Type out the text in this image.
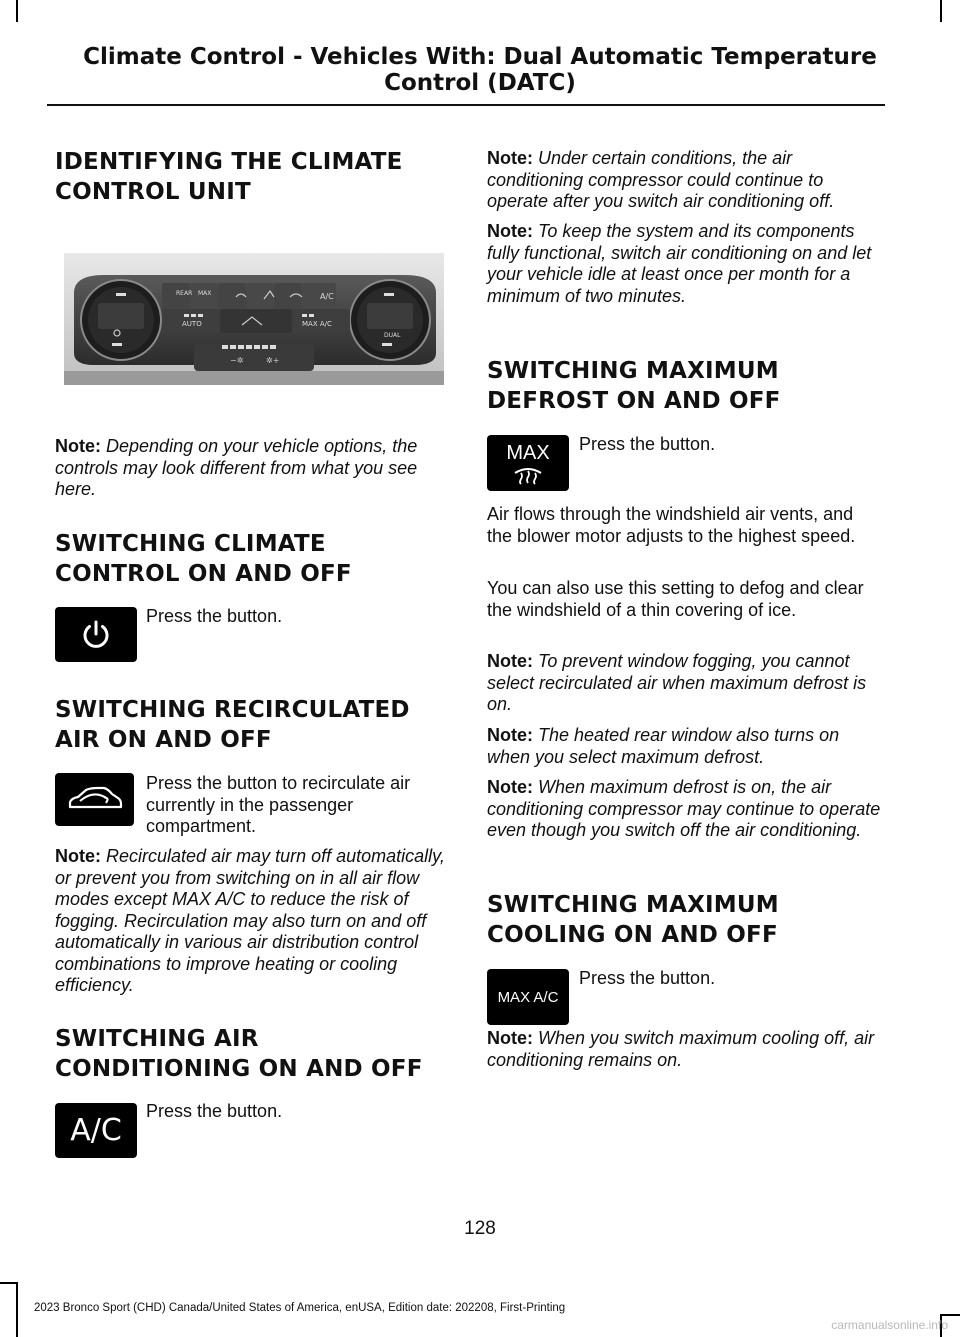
Climate Control - Vehicles With: Dual Automatic Temperature
Control (DATC)
IDENTIFYING THE CLIMATE
CONTROL UNIT
REAR MAX	A/C
AUTO	MAX A/C
DUAL
−✲	✲+
Note: Depending on your vehicle options, the controls may look different from what you see here.
SWITCHING CLIMATE
CONTROL ON AND OFF

Press the button.

SWITCHING RECIRCULATED
AIR ON AND OFF

Press the button to recirculate air currently in the passenger compartment.

Note: Recirculated air may turn off automatically, or prevent you from switching on in all air flow modes except MAX A/C to reduce the risk of fogging. Recirculation may also turn on and off automatically in various air distribution control combinations to improve heating or cooling efficiency.
SWITCHING AIR
CONDITIONING ON AND OFF
A/C

Press the button.

Note: Under certain conditions, the air conditioning compressor could continue to operate after you switch air conditioning off.
Note: To keep the system and its components fully functional, switch air conditioning on and let your vehicle idle at least once per month for a minimum of two minutes.
SWITCHING MAXIMUM
DEFROST ON AND OFF
MAX Press the button.

Air flows through the windshield air vents, and the blower motor adjusts to the highest speed.

You can also use this setting to defog and clear the windshield of a thin covering of ice.

Note: To prevent window fogging, you cannot select recirculated air when maximum defrost is on.
Note: The heated rear window also turns on when you select maximum defrost.
Note: When maximum defrost is on, the air conditioning compressor may continue to operate even though you switch off the air conditioning.
SWITCHING MAXIMUM
COOLING ON AND OFF
MAX A/C

Press the button.

Note: When you switch maximum cooling off, air conditioning remains on.
128
2023 Bronco Sport (CHD) Canada/United States of America, enUSA, Edition date: 202208, First-Printing
carmanualsonline.info
